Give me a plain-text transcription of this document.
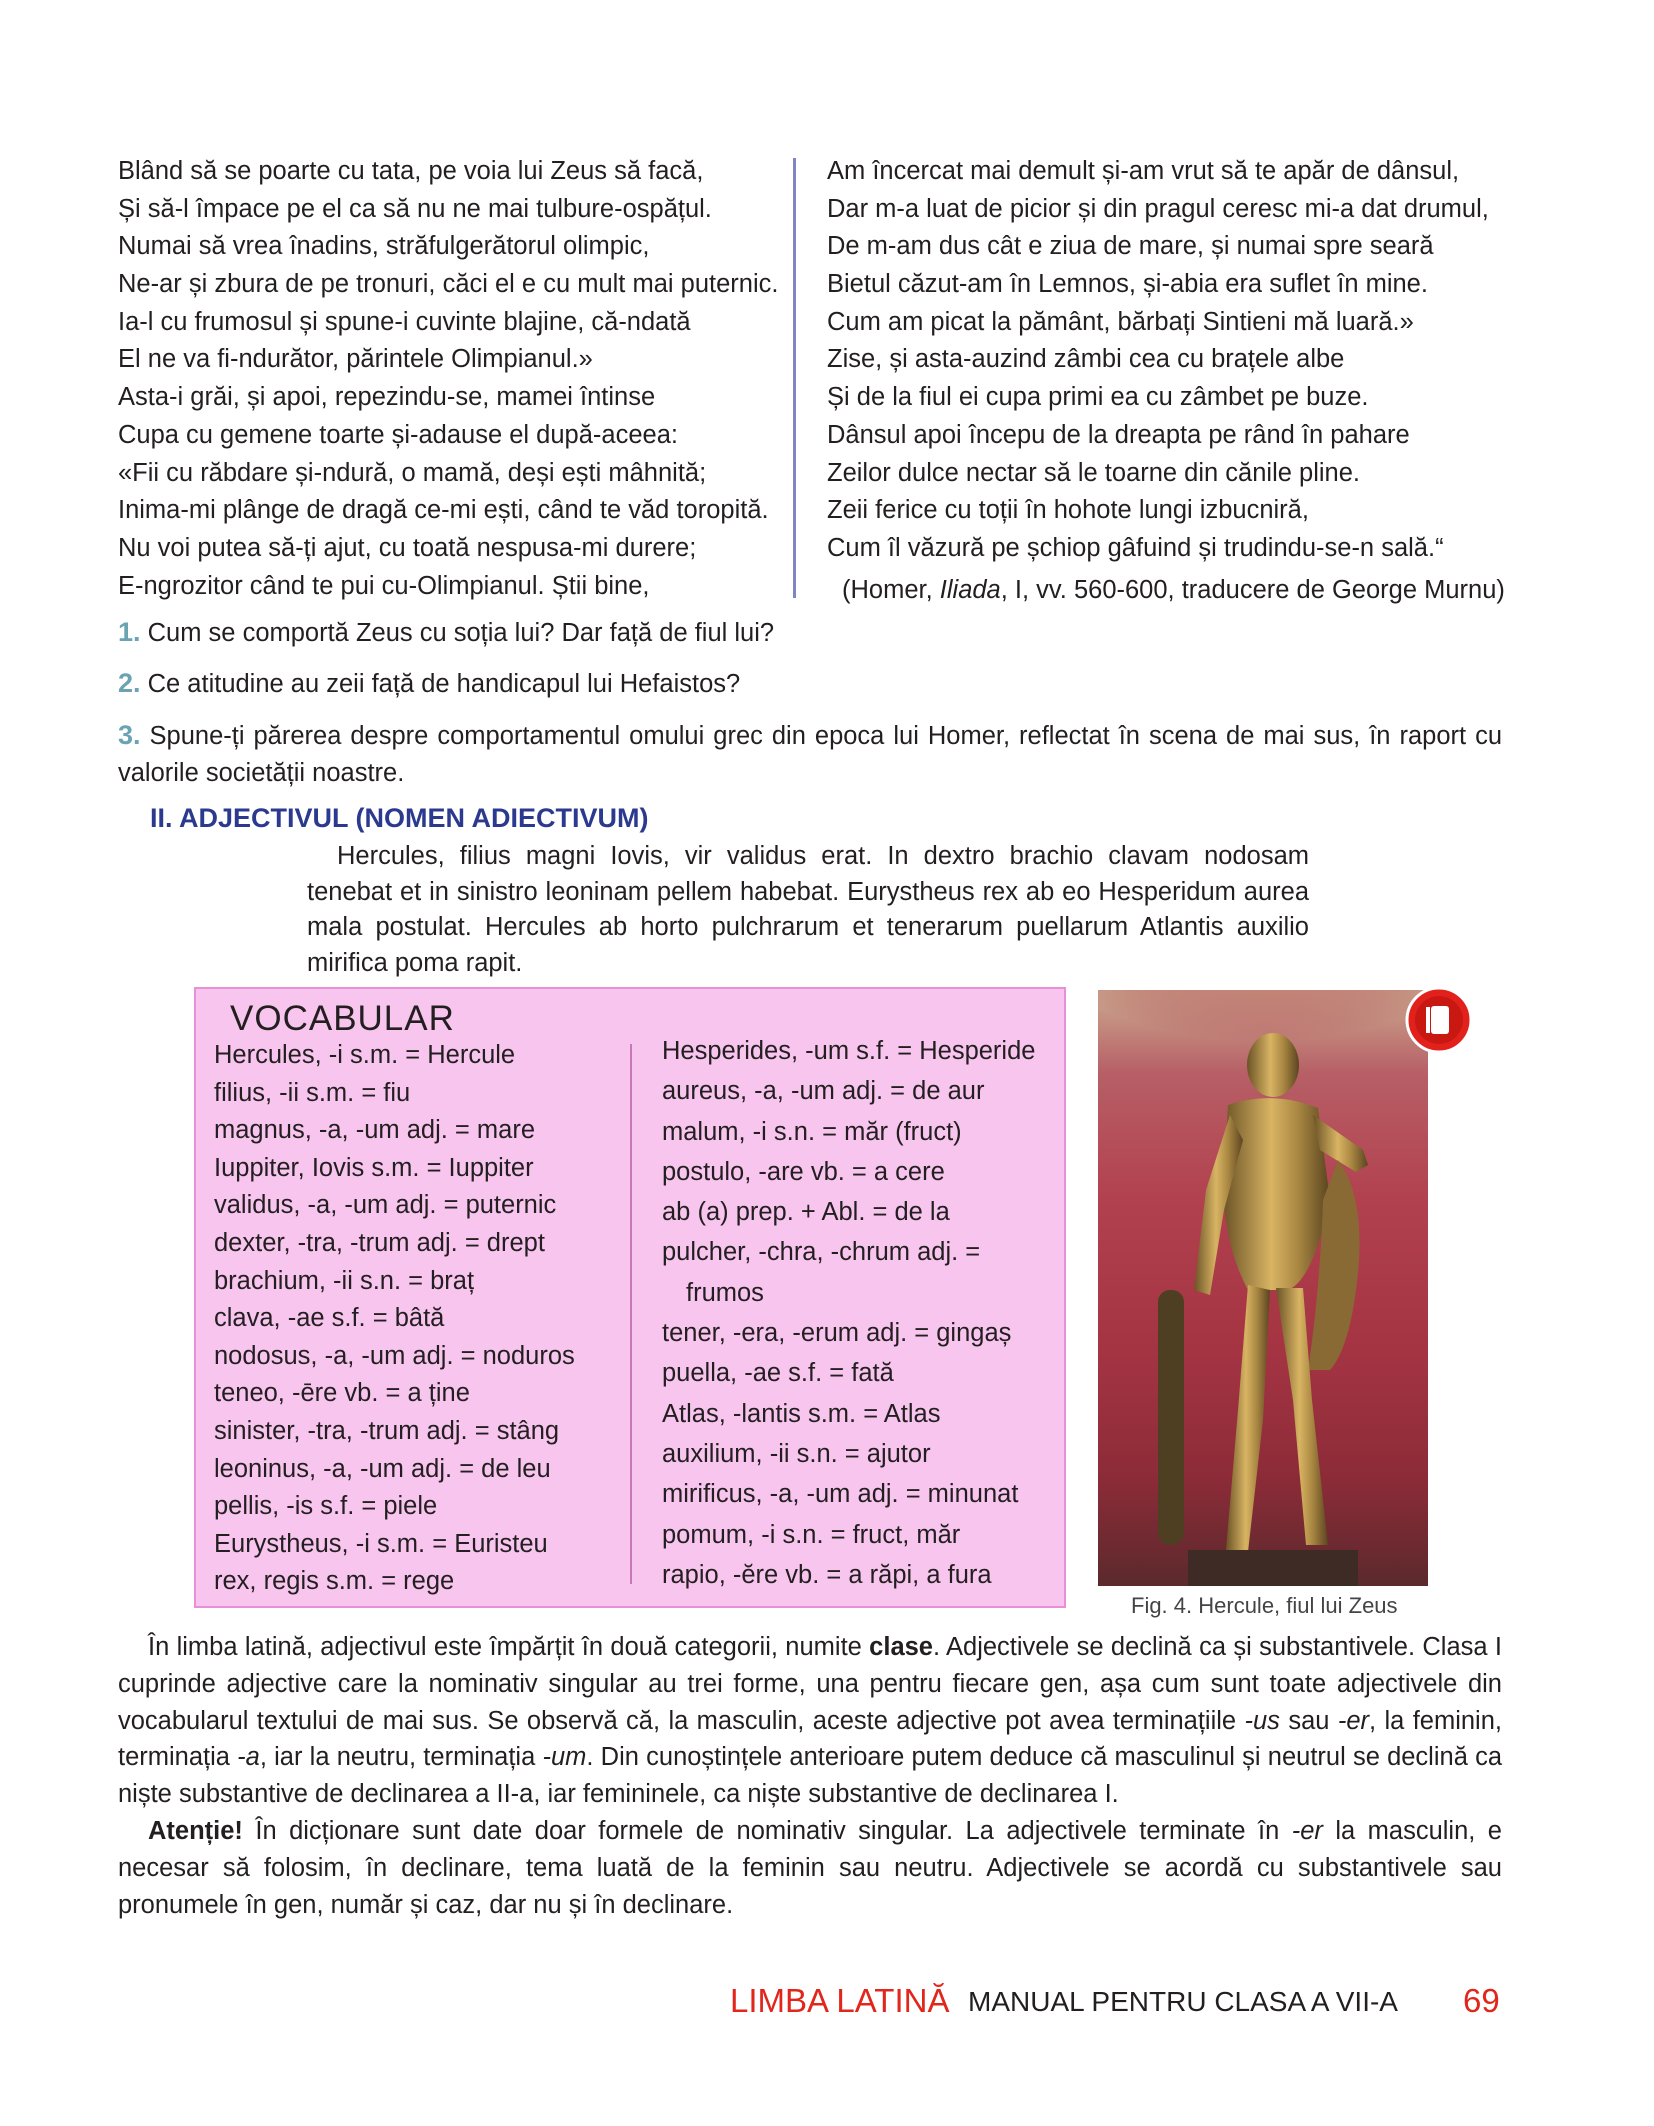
Blând să se poarte cu tata, pe voia lui Zeus să facă,
Și să-l împace pe el ca să nu ne mai tulbure-ospățul.
Numai să vrea înadins, străfulgerătorul olimpic,
Ne-ar și zbura de pe tronuri, căci el e cu mult mai puternic.
Ia-l cu frumosul și spune-i cuvinte blajine, că-ndată
El ne va fi-ndurător, părintele Olimpianul.»
Asta-i grăi, și apoi, repezindu-se, mamei întinse
Cupa cu gemene toarte și-adause el după-aceea:
«Fii cu răbdare și-ndură, o mamă, deși ești mâhnită;
Inima-mi plânge de dragă ce-mi ești, când te văd toropită.
Nu voi putea să-ți ajut, cu toată nespusa-mi durere;
E-ngrozitor când te pui cu-Olimpianul. Știi bine,
Am încercat mai demult și-am vrut să te apăr de dânsul,
Dar m-a luat de picior și din pragul ceresc mi-a dat drumul,
De m-am dus cât e ziua de mare, și numai spre seară
Bietul căzut-am în Lemnos, și-abia era suflet în mine.
Cum am picat la pământ, bărbați Sintieni mă luară.»
Zise, și asta-auzind zâmbi cea cu brațele albe
Și de la fiul ei cupa primi ea cu zâmbet pe buze.
Dânsul apoi începu de la dreapta pe rând în pahare
Zeilor dulce nectar să le toarne din cănile pline.
Zeii ferice cu toții în hohote lungi izbucniră,
Cum îl văzură pe șchiop gâfuind și trudindu-se-n sală.“
(Homer, Iliada, I, vv. 560-600, traducere de George Murnu)
1. Cum se comportă Zeus cu soția lui? Dar față de fiul lui?
2. Ce atitudine au zeii față de handicapul lui Hefaistos?
3. Spune-ți părerea despre comportamentul omului grec din epoca lui Homer, reflectat în scena de mai sus, în raport cu valorile societății noastre.
II. ADJECTIVUL (NOMEN ADIECTIVUM)
Hercules, filius magni Iovis, vir validus erat. In dextro brachio clavam nodosam tenebat et in sinistro leoninam pellem habebat. Eurystheus rex ab eo Hesperidum aurea mala postulat. Hercules ab horto pulchrarum et tenerarum puellarum Atlantis auxilio mirifica poma rapit.
VOCABULAR
Hercules, -i s.m. = Hercule
filius, -ii s.m. = fiu
magnus, -a, -um adj. = mare
Iuppiter, Iovis s.m. = Iuppiter
validus, -a, -um adj. = puternic
dexter, -tra, -trum adj. = drept
brachium, -ii s.n. = braț
clava, -ae s.f. = bâtă
nodosus, -a, -um adj. = noduros
teneo, -ēre vb. = a ține
sinister, -tra, -trum adj. = stâng
leoninus, -a, -um adj. = de leu
pellis, -is s.f. = piele
Eurystheus, -i s.m. = Euristeu
rex, regis s.m. = rege
Hesperides, -um s.f. = Hesperide
aureus, -a, -um adj. = de aur
malum, -i s.n. = măr (fruct)
postulo, -are vb. = a cere
ab (a) prep. + Abl. = de la
pulcher, -chra, -chrum adj. =
frumos
tener, -era, -erum adj. = gingaș
puella, -ae s.f. = fată
Atlas, -lantis s.m. = Atlas
auxilium, -ii s.n. = ajutor
mirificus, -a, -um adj. = minunat
pomum, -i s.n. = fruct, măr
rapio, -ĕre vb. = a răpi, a fura
Fig. 4. Hercule, fiul lui Zeus

În limba latină, adjectivul este împărțit în două categorii, numite clase. Adjectivele se declină ca și substantivele. Clasa I cuprinde adjective care la nominativ singular au trei forme, una pentru fiecare gen, așa cum sunt toate adjectivele din vocabularul textului de mai sus. Se observă că, la masculin, aceste adjective pot avea terminațiile -us sau -er, la feminin, terminația -a, iar la neutru, terminația -um. Din cunoștințele anterioare putem deduce că masculinul și neutrul se declină ca niște substantive de declinarea a II-a, iar femininele, ca niște substantive de declinarea I.

Atenție! În dicționare sunt date doar formele de nominativ singular. La adjectivele terminate în -er la masculin, e necesar să folosim, în declinare, tema luată de la feminin sau neutru. Adjectivele se acordă cu substantivele sau pronumele în gen, număr și caz, dar nu și în declinare.

LIMBA LATINĂ MANUAL PENTRU CLASA A VII-A 69
